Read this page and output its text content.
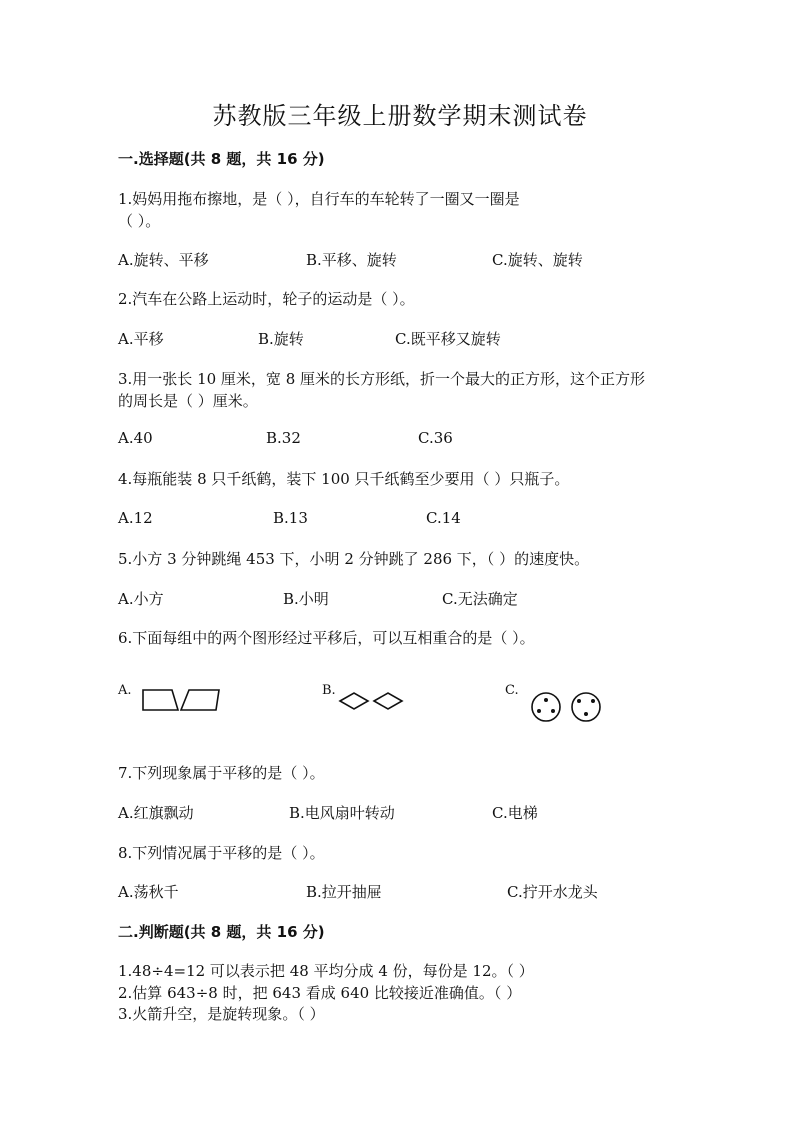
苏教版三年级上册数学期末测试卷
一.选择题(共 8 题，共 16 分)
1.妈妈用拖布擦地，是（ ），自行车的车轮转了一圈又一圈是
（ ）。
A.旋转、平移	B.平移、旋转	C.旋转、旋转
2.汽车在公路上运动时，轮子的运动是（ ）。
A.平移	B.旋转	C.既平移又旋转
3.用一张长 10 厘米，宽 8 厘米的长方形纸，折一个最大的正方形，这个正方形
的周长是（ ）厘米。
A.40	B.32	C.36
4.每瓶能装 8 只千纸鹤，装下 100 只千纸鹤至少要用（ ）只瓶子。
A.12	B.13	C.14
5.小方 3 分钟跳绳 453 下，小明 2 分钟跳了 286 下，（ ）的速度快。
A.小方	B.小明	C.无法确定
6.下面每组中的两个图形经过平移后，可以互相重合的是（ ）。
A.	B.	C.
7.下列现象属于平移的是（ ）。
A.红旗飘动	B.电风扇叶转动	C.电梯
8.下列情况属于平移的是（ ）。
A.荡秋千	B.拉开抽屉	C.拧开水龙头
二.判断题(共 8 题，共 16 分)
1.48÷4=12 可以表示把 48 平均分成 4 份，每份是 12。（ ）
2.估算 643÷8 时，把 643 看成 640 比较接近准确值。（ ）
3.火箭升空，是旋转现象。（ ）
